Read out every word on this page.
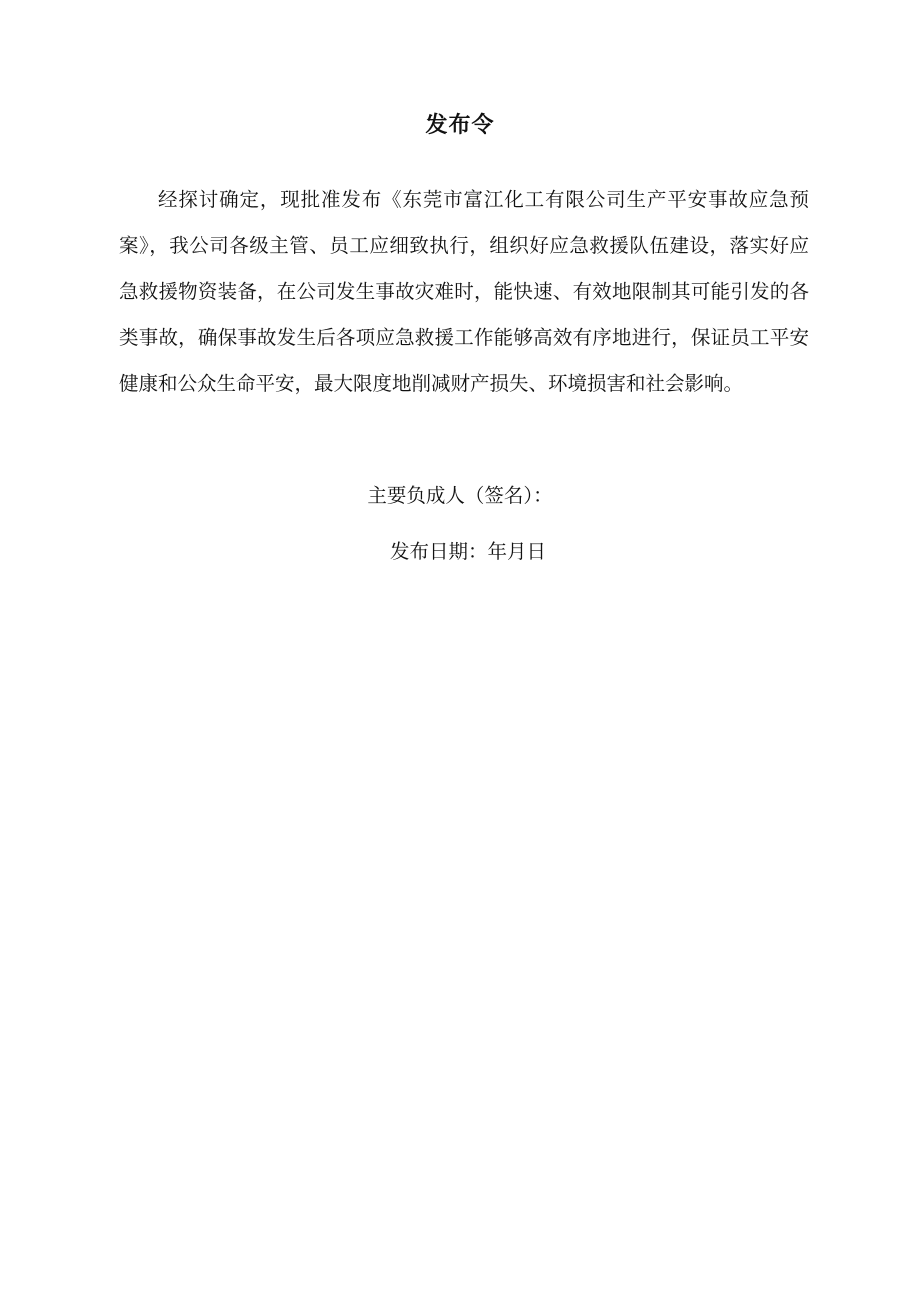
发布令

经探讨确定，现批准发布《东莞市富江化工有限公司生产平安事故应急预案》，我公司各级主管、员工应细致执行，组织好应急救援队伍建设，落实好应急救援物资装备，在公司发生事故灾难时，能快速、有效地限制其可能引发的各类事故，确保事故发生后各项应急救援工作能够高效有序地进行，保证员工平安健康和公众生命平安，最大限度地削减财产损失、环境损害和社会影响。

主要负成人（签名）：

发布日期：年月日
